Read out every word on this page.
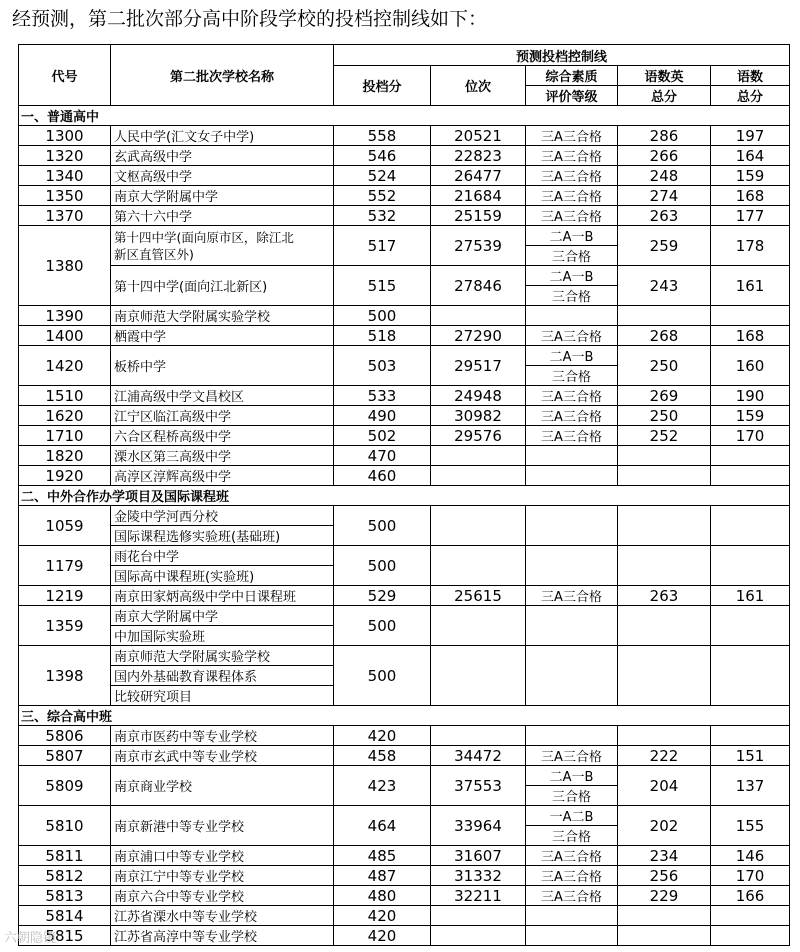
经预测，第二批次部分高中阶段学校的投档控制线如下：
代号	第二批次学校名称	预测投档控制线				
		投档分	位次	综合素质	语数英	语数
				评价等级	总分	总分
一、普通高中						
1300	人民中学(汇文女子中学)	558	20521	三A三合格	286	197
1320	玄武高级中学	546	22823	三A三合格	266	164
1340	文枢高级中学	524	26477	三A三合格	248	159
1350	南京大学附属中学	552	21684	三A三合格	274	168
1370	第六十六中学	532	25159	三A三合格	263	177
1380	第十四中学(面向原市区，除江北
新区直管区外)	517	27539	二A一B	259	178
				三合格		
	第十四中学(面向江北新区)	515	27846	二A一B	243	161
				三合格		
1390	南京师范大学附属实验学校	500				
1400	栖霞中学	518	27290	三A三合格	268	168
1420	板桥中学	503	29517	二A一B	250	160
				三合格		
1510	江浦高级中学文昌校区	533	24948	三A三合格	269	190
1620	江宁区临江高级中学	490	30982	三A三合格	250	159
1710	六合区程桥高级中学	502	29576	三A三合格	252	170
1820	溧水区第三高级中学	470				
1920	高淳区淳辉高级中学	460				
二、中外合作办学项目及国际课程班						
1059	金陵中学河西分校	500				
	国际课程选修实验班(基础班)					
1179	雨花台中学	500				
	国际高中课程班(实验班)					
1219	南京田家炳高级中学中日课程班	529	25615	三A三合格	263	161
1359	南京大学附属中学	500				
	中加国际实验班					
1398	南京师范大学附属实验学校	500				
	国内外基础教育课程体系					
	比较研究项目					
三、综合高中班						
5806	南京市医药中等专业学校	420				
5807	南京市玄武中等专业学校	458	34472	三A三合格	222	151
5809	南京商业学校	423	37553	二A一B	204	137
				三合格		
5810	南京新港中等专业学校	464	33964	一A二B	202	155
				三合格		
5811	南京浦口中等专业学校	485	31607	三A三合格	234	146
5812	南京江宁中等专业学校	487	31332	三A三合格	256	170
5813	南京六合中等专业学校	480	32211	三A三合格	229	166
5814	江苏省溧水中等专业学校	420				
5815	江苏省高淳中等专业学校	420				
六朝隐镜
